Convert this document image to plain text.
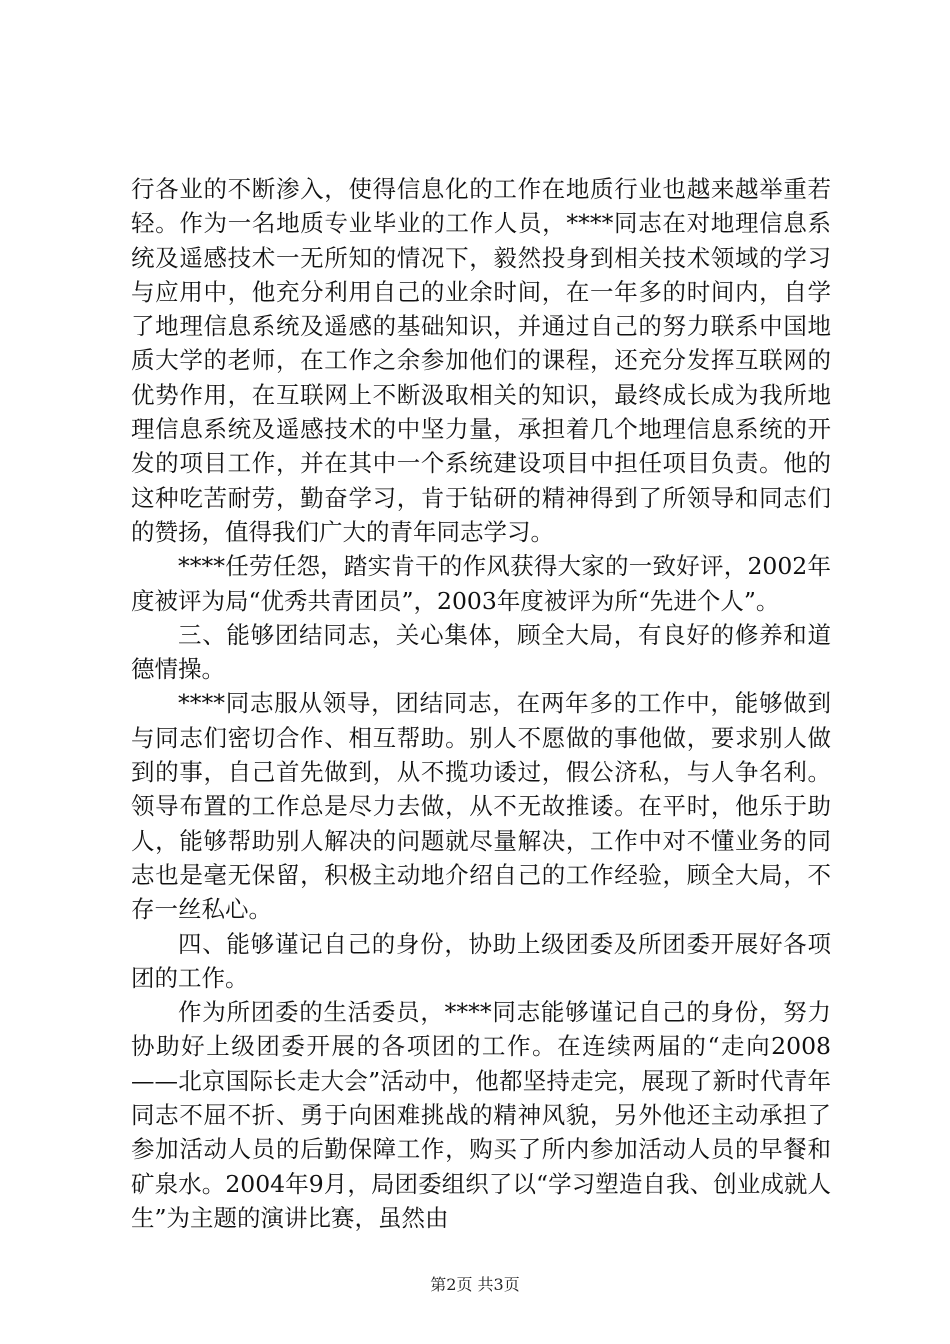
行各业的不断渗入，使得信息化的工作在地质行业也越来越举重若轻。作为一名地质专业毕业的工作人员，****同志在对地理信息系统及遥感技术一无所知的情况下，毅然投身到相关技术领域的学习与应用中，他充分利用自己的业余时间，在一年多的时间内，自学了地理信息系统及遥感的基础知识，并通过自己的努力联系中国地质大学的老师，在工作之余参加他们的课程，还充分发挥互联网的优势作用，在互联网上不断汲取相关的知识，最终成长成为我所地理信息系统及遥感技术的中坚力量，承担着几个地理信息系统的开发的项目工作，并在其中一个系统建设项目中担任项目负责。他的这种吃苦耐劳，勤奋学习，肯于钻研的精神得到了所领导和同志们的赞扬，值得我们广大的青年同志学习。

****任劳任怨，踏实肯干的作风获得大家的一致好评，2002年度被评为局“优秀共青团员”，2003年度被评为所“先进个人”。

三、能够团结同志，关心集体，顾全大局，有良好的修养和道德情操。

****同志服从领导，团结同志，在两年多的工作中，能够做到与同志们密切合作、相互帮助。别人不愿做的事他做，要求别人做到的事，自己首先做到，从不揽功诿过，假公济私，与人争名利。领导布置的工作总是尽力去做，从不无故推诿。在平时，他乐于助人，能够帮助别人解决的问题就尽量解决，工作中对不懂业务的同志也是毫无保留，积极主动地介绍自己的工作经验，顾全大局，不存一丝私心。

四、能够谨记自己的身份，协助上级团委及所团委开展好各项团的工作。

作为所团委的生活委员，****同志能够谨记自己的身份，努力协助好上级团委开展的各项团的工作。在连续两届的“走向2008——北京国际长走大会”活动中，他都坚持走完，展现了新时代青年同志不屈不折、勇于向困难挑战的精神风貌，另外他还主动承担了参加活动人员的后勤保障工作，购买了所内参加活动人员的早餐和矿泉水。2004年9月，局团委组织了以“学习塑造自我、创业成就人生”为主题的演讲比赛，虽然由

第2页 共3页
